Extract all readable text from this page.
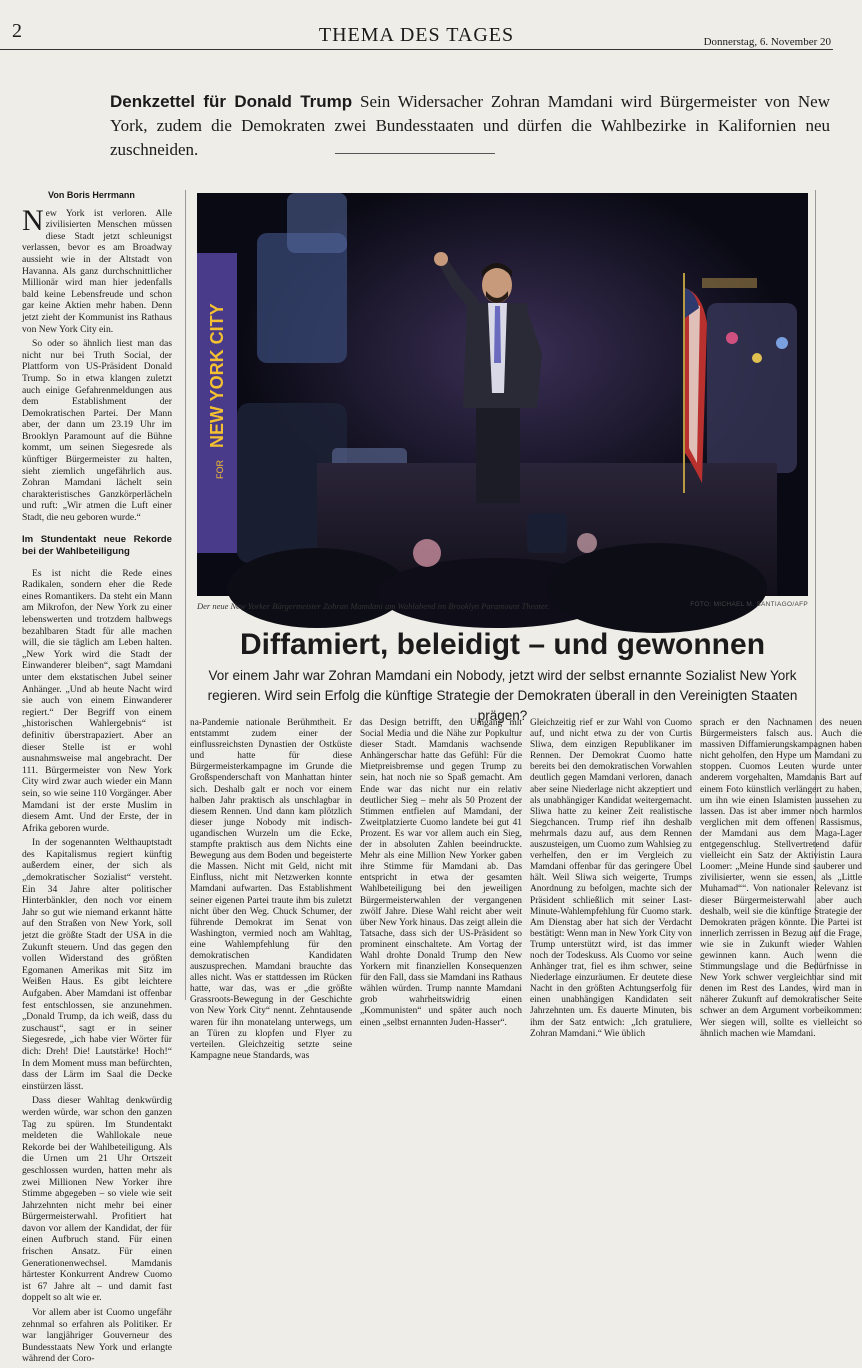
2	THEMA DES TAGES	Donnerstag, 6. November 20
Denkzettel für Donald Trump Sein Widersacher Zohran Mamdani wird Bürgermeister von New York, zudem die Demokraten zwei Bundesstaaten und dürfen die Wahlbezirke in Kalifornien neu zuschneiden.
Von Boris Herrmann

New York ist verloren. Alle zivilisierten Menschen müssen diese Stadt jetzt schleunigst verlassen, bevor es am Broadway aussieht wie in der Altstadt von Havanna. Als ganz durchschnittlicher Millionär wird man hier jedenfalls bald keine Lebensfreude und schon gar keine Aktien mehr haben. Denn jetzt zieht der Kommunist ins Rathaus von New York City ein.

So oder so ähnlich liest man das nicht nur bei Truth Social, der Plattform von US-Präsident Donald Trump. So in etwa klangen zuletzt auch einige Gefahrenmeldungen aus dem Establishment der Demokratischen Partei. Der Mann aber, der dann um 23.19 Uhr im Brooklyn Paramount auf die Bühne kommt, um seinen Siegesrede als künftiger Bürgermeister zu halten, sieht ziemlich ungefährlich aus. Zohran Mamdani lächelt sein charakteristisches Ganzkörperlächeln und ruft: „Wir atmen die Luft einer Stadt, die neu geboren wurde.“

Im Stundentakt neue Rekorde bei der Wahlbeteiligung

Es ist nicht die Rede eines Radikalen, sondern eher die Rede eines Romantikers. Da steht ein Mann am Mikrofon, der New York zu einer lebenswerten und trotzdem halbwegs bezahlbaren Stadt für alle machen will, die sie täglich am Leben halten. „New York wird die Stadt der Einwanderer bleiben“, sagt Mamdani unter dem ekstatischen Jubel seiner Anhänger. „Und ab heute Nacht wird sie auch von einem Einwanderer regiert.“ Der Begriff von einem „historischen Wahlergebnis“ ist definitiv überstrapaziert. Aber an dieser Stelle ist er wohl ausnahmsweise mal angebracht. Der 111. Bürgermeister von New York City wird zwar auch wieder ein Mann sein, so wie seine 110 Vorgänger. Aber Mamdani ist der erste Muslim in diesem Amt. Und der Erste, der in Afrika geboren wurde.

In der sogenannten Welthauptstadt des Kapitalismus regiert künftig außerdem einer, der sich als „demokratischer Sozialist“ versteht. Ein 34 Jahre alter politischer Hinterbänkler, den noch vor einem Jahr so gut wie niemand erkannt hätte auf den Straßen von New York, soll jetzt die größte Stadt der USA in die Zukunft steuern. Und das gegen den vollen Widerstand des größten Egomanen Amerikas mit Sitz im Weißen Haus. Es gibt leichtere Aufgaben. Aber Mamdani ist offenbar fest entschlossen, sie anzunehmen. „Donald Trump, da ich weiß, dass du zuschaust“, sagt er in seiner Siegesrede, „ich habe vier Wörter für dich: Dreh! Die! Lautstärke! Hoch!“ In dem Moment muss man befürchten, dass der Lärm im Saal die Decke einstürzen lässt.

Dass dieser Wahltag denkwürdig werden würde, war schon den ganzen Tag zu spüren. Im Stundentakt meldeten die Wahllokale neue Rekorde bei der Wahlbeteiligung. Als die Urnen um 21 Uhr Ortszeit geschlossen wurden, hatten mehr als zwei Millionen New Yorker ihre Stimme abgegeben – so viele wie seit Jahrzehnten nicht mehr bei einer Bürgermeisterwahl. Profitiert hat davon vor allem der Kandidat, der für einen Aufbruch stand. Für einen frischen Ansatz. Für einen Generationenwechsel. Mamdanis härtester Konkurrent Andrew Cuomo ist 67 Jahre alt – und damit fast doppelt so alt wie er.

Vor allem aber ist Cuomo ungefähr zehnmal so erfahren als Politiker. Er war langjähriger Gouverneur des Bundesstaats New York und erlangte während der Coro-

NEW YORK CITY
FOR
Der neue New Yorker Bürgermeister Zohran Mamdani am Wahlabend im Brooklyn Paramount Theater.	FOTO: MICHAEL M. SANTIAGO/AFP
Diffamiert, beleidigt – und gewonnen
Vor einem Jahr war Zohran Mamdani ein Nobody, jetzt wird der selbst ernannte Sozialist New York regieren. Wird sein Erfolg die künftige Strategie der Demokraten überall in den Vereinigten Staaten prägen?

na-Pandemie nationale Berühmtheit. Er entstammt zudem einer der einflussreichsten Dynastien der Ostküste und hatte für diese Bürgermeisterkampagne im Grunde die Großspenderschaft von Manhattan hinter sich. Deshalb galt er noch vor einem halben Jahr praktisch als unschlagbar in diesem Rennen. Und dann kam plötzlich dieser junge Nobody mit indisch-ugandischen Wurzeln um die Ecke, stampfte praktisch aus dem Nichts eine Bewegung aus dem Boden und begeisterte die Massen. Nicht mit Geld, nicht mit Einfluss, nicht mit Netzwerken konnte Mamdani aufwarten. Das Establishment seiner eigenen Partei traute ihm bis zuletzt nicht über den Weg. Chuck Schumer, der führende Demokrat im Senat von Washington, vermied noch am Wahltag, eine Wahlempfehlung für den demokratischen Kandidaten auszusprechen. Mamdani brauchte das alles nicht. Was er stattdessen im Rücken hatte, war das, was er „die größte Grassroots-Bewegung in der Geschichte von New York City“ nennt. Zehntausende waren für ihn monatelang unterwegs, um an Türen zu klopfen und Flyer zu verteilen. Gleichzeitig setzte seine Kampagne neue Standards, was

das Design betrifft, den Umgang mit Social Media und die Nähe zur Popkultur dieser Stadt. Mamdanis wachsende Anhängerschar hatte das Gefühl: Für die Mietpreisbremse und gegen Trump zu sein, hat noch nie so Spaß gemacht. Am Ende war das nicht nur ein relativ deutlicher Sieg – mehr als 50 Prozent der Stimmen entfielen auf Mamdani, der Zweitplatzierte Cuomo landete bei gut 41 Prozent. Es war vor allem auch ein Sieg, der in absoluten Zahlen beeindruckte. Mehr als eine Million New Yorker gaben ihre Stimme für Mamdani ab. Das entspricht in etwa der gesamten Wahlbeteiligung bei den jeweiligen Bürgermeisterwahlen der vergangenen zwölf Jahre. Diese Wahl reicht aber weit über New York hinaus. Das zeigt allein die Tatsache, dass sich der US-Präsident so prominent einschaltete. Am Vortag der Wahl drohte Donald Trump den New Yorkern mit finanziellen Konsequenzen für den Fall, dass sie Mamdani ins Rathaus wählen würden. Trump nannte Mamdani grob wahrheitswidrig einen „Kommunisten“ und später auch noch einen „selbst ernannten Juden-Hasser“.

Gleichzeitig rief er zur Wahl von Cuomo auf, und nicht etwa zu der von Curtis Sliwa, dem einzigen Republikaner im Rennen. Der Demokrat Cuomo hatte bereits bei den demokratischen Vorwahlen deutlich gegen Mamdani verloren, danach aber seine Niederlage nicht akzeptiert und als unabhängiger Kandidat weitergemacht. Sliwa hatte zu keiner Zeit realistische Siegchancen. Trump rief ihn deshalb mehrmals dazu auf, aus dem Rennen auszusteigen, um Cuomo zum Wahlsieg zu verhelfen, den er im Vergleich zu Mamdani offenbar für das geringere Übel hält. Weil Sliwa sich weigerte, Trumps Anordnung zu befolgen, machte sich der Präsident schließlich mit seiner Last-Minute-Wahlempfehlung für Cuomo stark. Am Dienstag aber hat sich der Verdacht bestätigt: Wenn man in New York City von Trump unterstützt wird, ist das immer noch der Todeskuss. Als Cuomo vor seine Anhänger trat, fiel es ihm schwer, seine Niederlage einzuräumen. Er deutete diese Nacht in den größten Achtungserfolg für einen unabhängigen Kandidaten seit Jahrzehnten um. Es dauerte Minuten, bis ihm der Satz entwich: „Ich gratuliere, Zohran Mamdani.“ Wie üblich

sprach er den Nachnamen des neuen Bürgermeisters falsch aus. Auch die massiven Diffamierungskampagnen haben nicht geholfen, den Hype um Mamdani zu stoppen. Cuomos Leuten wurde unter anderem vorgehalten, Mamdanis Bart auf einem Foto künstlich verlängert zu haben, um ihn wie einen Islamisten aussehen zu lassen. Das ist aber immer noch harmlos verglichen mit dem offenen Rassismus, der Mamdani aus dem Maga-Lager entgegenschlug. Stellvertretend dafür vielleicht ein Satz der Aktivistin Laura Loomer: „Meine Hunde sind sauberer und zivilisierter, wenn sie essen, als „Little Muhamad““. Von nationaler Relevanz ist dieser Bürgermeisterwahl aber auch deshalb, weil sie die künftige Strategie der Demokraten prägen könnte. Die Partei ist innerlich zerrissen in Bezug auf die Frage, wie sie in Zukunft wieder Wahlen gewinnen kann. Auch wenn die Stimmungslage und die Bedürfnisse in New York schwer vergleichbar sind mit denen im Rest des Landes, wird man in näherer Zukunft auf demokratischer Seite schwer an dem Argument vorbeikommen: Wer siegen will, sollte es vielleicht so ähnlich machen wie Mamdani.
